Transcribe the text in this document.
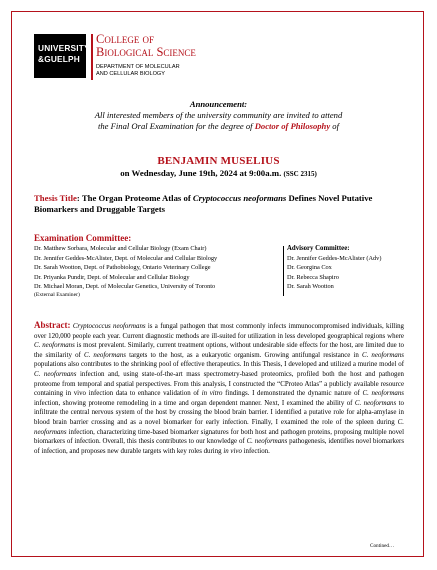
UNIVERSITY
&GUELPH
College of
Biological Science
DEPARTMENT OF MOLECULAR
AND CELLULAR BIOLOGY
Announcement:
All interested members of the university community are invited to attend
the Final Oral Examination for the degree of Doctor of Philosophy of
BENJAMIN MUSELIUS
on Wednesday, June 19th, 2024 at 9:00a.m. (SSC 2315)
Thesis Title: The Organ Proteome Atlas of Cryptococcus neoformans Defines Novel Putative Biomarkers and Druggable Targets
Examination Committee:
Dr. Matthew Sorbara, Molecular and Cellular Biology (Exam Chair)
Dr. Jennifer Geddes-McAlister, Dept. of Molecular and Cellular Biology
Dr. Sarah Wootton, Dept. of Pathobiology, Ontario Veterinary College
Dr. Priyanka Pundir, Dept. of Molecular and Cellular Biology
Dr. Michael Moran, Dept. of Molecular Genetics, University of Toronto
(External Examiner)
Advisory Committee:
Dr. Jennifer Geddes-McAlister (Adv)
Dr. Georgina Cox
Dr. Rebecca Shapiro
Dr. Sarah Wootton
Abstract: Cryptococcus neoformans is a fungal pathogen that most commonly infects immunocompromised individuals, killing over 120,000 people each year. Current diagnostic methods are ill-suited for utilization in less developed geographical regions where C. neoformans is most prevalent. Similarly, current treatment options, without undesirable side effects for the host, are limited due to the similarity of C. neoformans targets to the host, as a eukaryotic organism. Growing antifungal resistance in C. neoformans populations also contributes to the shrinking pool of effective therapeutics. In this Thesis, I developed and utilized a murine model of C. neoformans infection and, using state-of-the-art mass spectrometry-based proteomics, profiled both the host and pathogen proteome from temporal and spatial perspectives. From this analysis, I constructed the “CProteo Atlas” a publicly available resource containing in vivo infection data to enhance validation of in vitro findings. I demonstrated the dynamic nature of C. neoformans infection, showing proteome remodeling in a time and organ dependent manner. Next, I examined the ability of C. neoformans to infiltrate the central nervous system of the host by crossing the blood brain barrier. I identified a putative role for alpha-amylase in blood brain barrier crossing and as a novel biomarker for early infection. Finally, I examined the role of the spleen during C. neoformans infection, characterizing time-based biomarker signatures for both host and pathogen proteins, proposing multiple novel biomarkers of infection. Overall, this thesis contributes to our knowledge of C. neoformans pathogenesis, identifies novel biomarkers of infection, and proposes new durable targets with key roles during in vivo infection.
Contined…
